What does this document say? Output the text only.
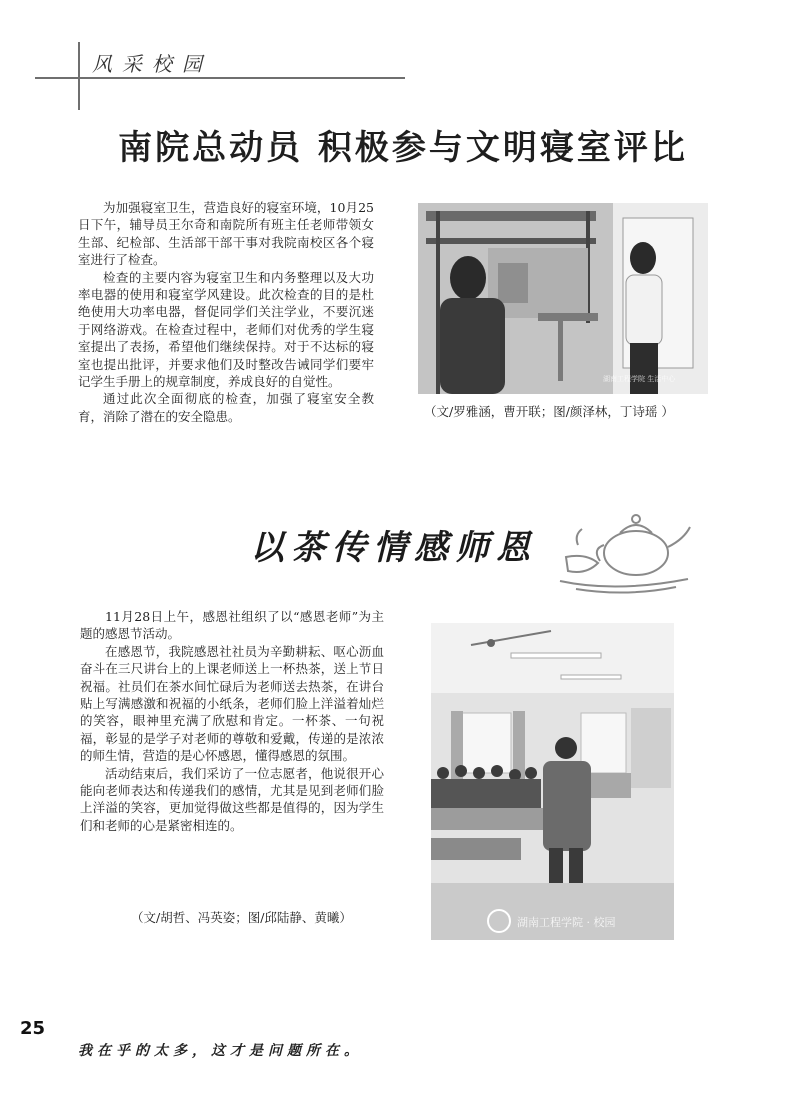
风采校园
南院总动员 积极参与文明寝室评比

为加强寝室卫生，营造良好的寝室环境，10月25日下午，辅导员王尔奇和南院所有班主任老师带领女生部、纪检部、生活部干部干事对我院南校区各个寝室进行了检查。

检查的主要内容为寝室卫生和内务整理以及大功率电器的使用和寝室学风建设。此次检查的目的是杜绝使用大功率电器，督促同学们关注学业，不要沉迷于网络游戏。在检查过程中，老师们对优秀的学生寝室提出了表扬，希望他们继续保持。对于不达标的寝室也提出批评，并要求他们及时整改告诫同学们要牢记学生手册上的规章制度，养成良好的自觉性。

通过此次全面彻底的检查，加强了寝室安全教育，消除了潜在的安全隐患。

湖南工程学院 生活中心
（文/罗雅涵，曹开联；图/颜泽林，丁诗瑶 ）
以茶传情感师恩

11月28日上午，感恩社组织了以“感恩老师”为主题的感恩节活动。

在感恩节，我院感恩社社员为辛勤耕耘、呕心沥血奋斗在三尺讲台上的上课老师送上一杯热茶，送上节日祝福。社员们在茶水间忙碌后为老师送去热茶，在讲台贴上写满感激和祝福的小纸条，老师们脸上洋溢着灿烂的笑容，眼神里充满了欣慰和肯定。一杯茶、一句祝福，彰显的是学子对老师的尊敬和爱戴，传递的是浓浓的师生情，营造的是心怀感恩，懂得感恩的氛围。

活动结束后，我们采访了一位志愿者，他说很开心能向老师表达和传递我们的感情，尤其是见到老师们脸上洋溢的笑容，更加觉得做这些都是值得的，因为学生们和老师的心是紧密相连的。

湖南工程学院 · 校园
（文/胡哲、冯英姿；图/邱陆静、黄曦）
25
我在乎的太多，这才是问题所在。
